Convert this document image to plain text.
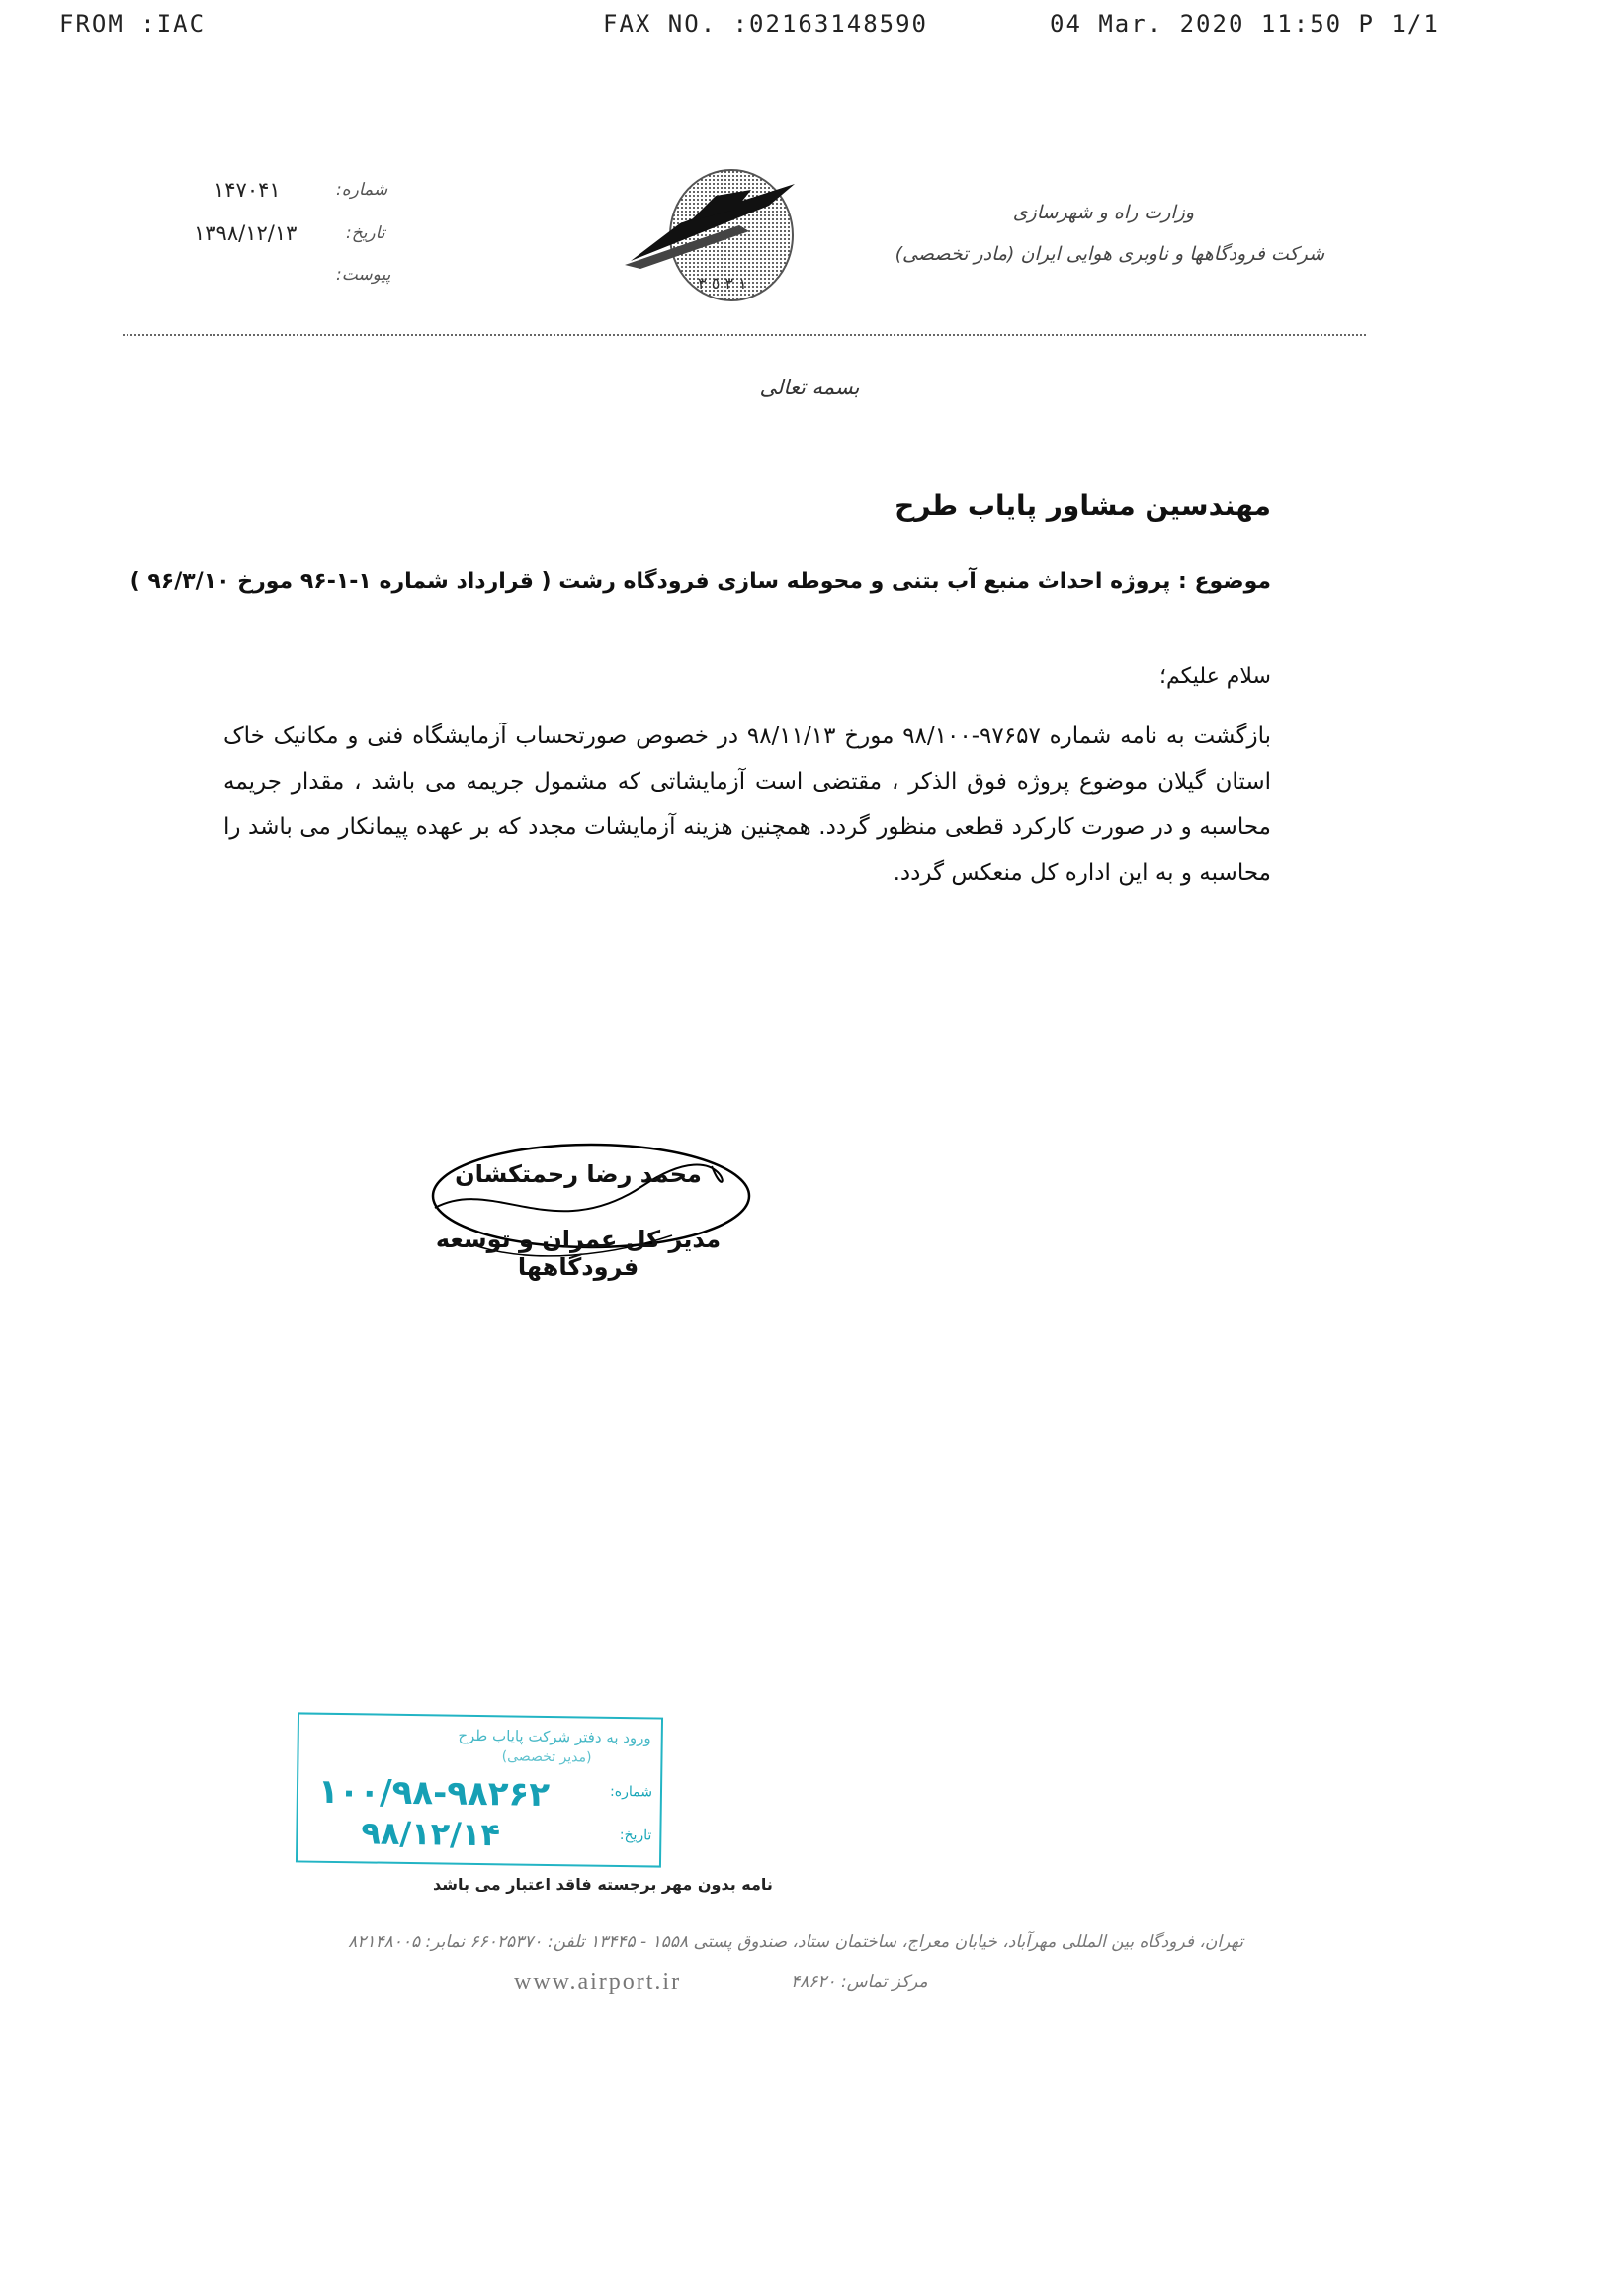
FROM :IAC	FAX NO. :02163148590	04 Mar. 2020 11:50 P 1/1
شماره:
۱۴۷۰۴۱
تاریخ:
۱۳۹۸/۱۲/۱۳
پیوست:	١ ٣ ٥ ٣
وزارت راه و شهرسازی
شرکت فرودگاهها و ناوبری هوایی ایران (مادر تخصصی)
بسمه تعالی
مهندسین مشاور پایاب طرح
موضوع : پروژه احداث منبع آب بتنی و محوطه سازی فرودگاه رشت ( قرارداد شماره ۱-۱-۹۶ مورخ ۹۶/۳/۱۰ )
سلام علیکم؛
بازگشت به نامه شماره ۹۷۶۵۷-۹۸/۱۰۰ مورخ ۹۸/۱۱/۱۳ در خصوص صورتحساب آزمایشگاه فنی و مکانیک خاک استان گیلان موضوع پروژه فوق الذکر ، مقتضی است آزمایشاتی که مشمول جریمه می باشد ، مقدار جریمه محاسبه و در صورت کارکرد قطعی منظور گردد. همچنین هزینه آزمایشات مجدد که بر عهده پیمانکار می باشد را محاسبه و به این اداره کل منعکس گردد.
محمد رضا رحمتکشان
مدیر کل عمران و توسعه فرودگاهها
ورود به دفتر شرکت پایاب طرح
(مدیر تخصصی)
شماره:
۱۰۰/۹۸-۹۸۲۶۲
تاریخ:
۹۸/۱۲/۱۴
نامه بدون مهر برجسته فاقد اعتبار می باشد
تهران، فرودگاه بین المللی مهرآباد، خیابان معراج، ساختمان ستاد، صندوق پستی ۱۵۵۸ - ۱۳۴۴۵ تلفن: ۶۶۰۲۵۳۷۰ نمابر: ۸۲۱۴۸۰۰۵
www.airport.ir	مرکز تماس: ۴۸۶۲۰
